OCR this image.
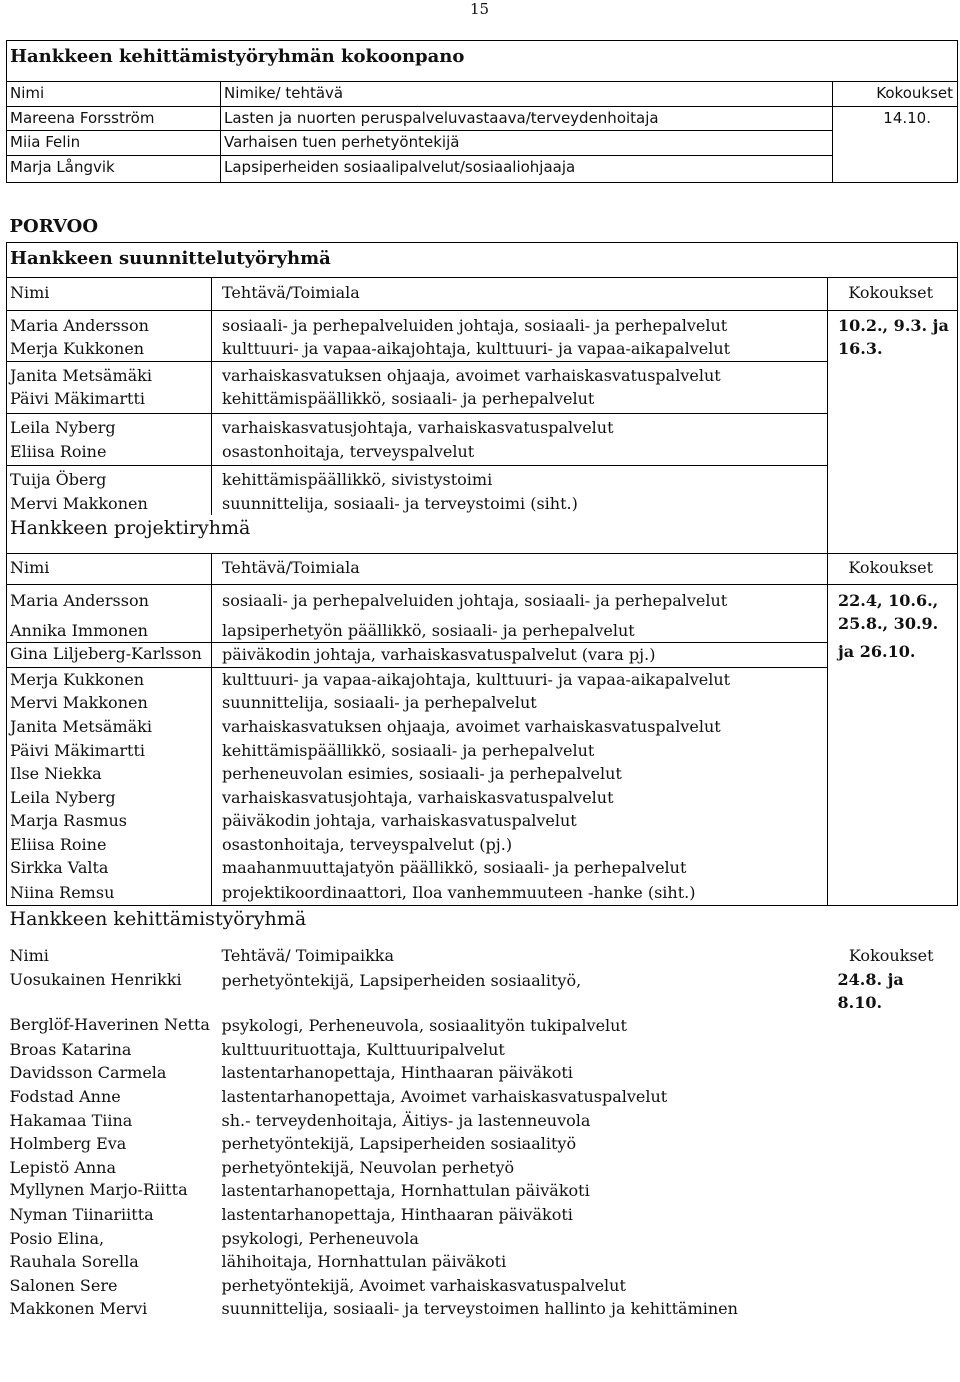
15
Hankkeen kehittämistyöryhmän kokoonpano		
Nimi	Nimike/ tehtävä	Kokoukset
Mareena Forsström	Lasten ja nuorten peruspalveluvastaava/terveydenhoitaja	14.10.
Miia Felin	Varhaisen tuen perhetyöntekijä	
Marja Långvik	Lapsiperheiden sosiaalipalvelut/sosiaaliohjaaja	
PORVOO		
Hankkeen suunnittelutyöryhmä		
Nimi	Tehtävä/Toimiala	Kokoukset
Maria Andersson	sosiaali- ja perhepalveluiden johtaja, sosiaali- ja perhepalvelut	10.2., 9.3. ja
Merja Kukkonen	kulttuuri- ja vapaa-aikajohtaja, kulttuuri- ja vapaa-aikapalvelut	16.3.
Janita Metsämäki	varhaiskasvatuksen ohjaaja, avoimet varhaiskasvatuspalvelut	
Päivi Mäkimartti	kehittämispäällikkö, sosiaali- ja perhepalvelut	
Leila Nyberg	varhaiskasvatusjohtaja, varhaiskasvatuspalvelut	
Eliisa Roine	osastonhoitaja, terveyspalvelut	
Tuija Öberg	kehittämispäällikkö, sivistystoimi	
Mervi Makkonen	suunnittelija, sosiaali- ja terveystoimi (siht.)	
Hankkeen projektiryhmä		
Nimi	Tehtävä/Toimiala	Kokoukset
Maria Andersson	sosiaali- ja perhepalveluiden johtaja, sosiaali- ja perhepalvelut	22.4, 10.6.,
Annika Immonen	lapsiperhetyön päällikkö, sosiaali- ja perhepalvelut	25.8., 30.9.
Gina Liljeberg-Karlsson	päiväkodin johtaja, varhaiskasvatuspalvelut (vara pj.)	ja 26.10.
Merja Kukkonen	kulttuuri- ja vapaa-aikajohtaja, kulttuuri- ja vapaa-aikapalvelut	
Mervi Makkonen	suunnittelija, sosiaali- ja perhepalvelut	
Janita Metsämäki	varhaiskasvatuksen ohjaaja, avoimet varhaiskasvatuspalvelut	
Päivi Mäkimartti	kehittämispäällikkö, sosiaali- ja perhepalvelut	
Ilse Niekka	perheneuvolan esimies, sosiaali- ja perhepalvelut	
Leila Nyberg	varhaiskasvatusjohtaja, varhaiskasvatuspalvelut	
Marja Rasmus	päiväkodin johtaja, varhaiskasvatuspalvelut	
Eliisa Roine	osastonhoitaja, terveyspalvelut (pj.)	
Sirkka Valta	maahanmuuttajatyön päällikkö, sosiaali- ja perhepalvelut	
Niina Remsu	projektikoordinaattori, Iloa vanhemmuuteen -hanke (siht.)	
Hankkeen kehittämistyöryhmä		
Nimi	Tehtävä/ Toimipaikka	Kokoukset
Uosukainen Henrikki	perhetyöntekijä, Lapsiperheiden sosiaalityö,	24.8. ja
8.10.
Berglöf-Haverinen Netta	psykologi, Perheneuvola, sosiaalityön tukipalvelut	
Broas Katarina	kulttuurituottaja, Kulttuuripalvelut	
Davidsson Carmela	lastentarhanopettaja, Hinthaaran päiväkoti	
Fodstad Anne	lastentarhanopettaja, Avoimet varhaiskasvatuspalvelut	
Hakamaa Tiina	sh.- terveydenhoitaja, Äitiys- ja lastenneuvola	
Holmberg Eva	perhetyöntekijä, Lapsiperheiden sosiaalityö	
Lepistö Anna	perhetyöntekijä, Neuvolan perhetyö	
Myllynen Marjo-Riitta	lastentarhanopettaja, Hornhattulan päiväkoti	
Nyman Tiinariitta	lastentarhanopettaja, Hinthaaran päiväkoti	
Posio Elina,	psykologi, Perheneuvola	
Rauhala Sorella	lähihoitaja, Hornhattulan päiväkoti	
Salonen Sere	perhetyöntekijä, Avoimet varhaiskasvatuspalvelut	
Makkonen Mervi	suunnittelija, sosiaali- ja terveystoimen hallinto ja kehittäminen	
